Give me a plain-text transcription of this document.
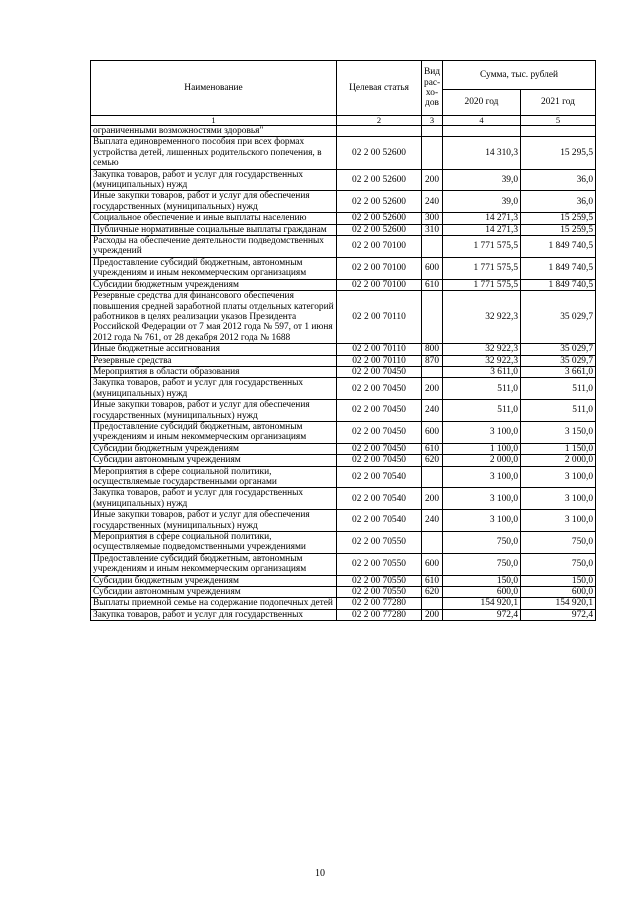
Наименование	Целевая статья	Вид рас-хо-дов	Сумма, тыс. рублей	
			2020 год	2021 год
1	2	3	4	5
ограниченными возможностями здоровья"				
Выплата единовременного пособия при всех формах устройства детей, лишенных родительского попечения, в семью	02 2 00 52600		14 310,3	15 295,5
Закупка товаров, работ и услуг для государственных (муниципальных) нужд	02 2 00 52600	200	39,0	36,0
Иные закупки товаров, работ и услуг для обеспечения государственных (муниципальных) нужд	02 2 00 52600	240	39,0	36,0
Социальное обеспечение и иные выплаты населению	02 2 00 52600	300	14 271,3	15 259,5
Публичные нормативные социальные выплаты гражданам	02 2 00 52600	310	14 271,3	15 259,5
Расходы на обеспечение деятельности подведомственных учреждений	02 2 00 70100		1 771 575,5	1 849 740,5
Предоставление субсидий бюджетным, автономным учреждениям и иным некоммерческим организациям	02 2 00 70100	600	1 771 575,5	1 849 740,5
Субсидии бюджетным учреждениям	02 2 00 70100	610	1 771 575,5	1 849 740,5
Резервные средства для финансового обеспечения повышения средней заработной платы отдельных категорий работников в целях реализации указов Президента Российской Федерации от 7 мая 2012 года № 597, от 1 июня 2012 года № 761, от 28 декабря 2012 года № 1688	02 2 00 70110		32 922,3	35 029,7
Иные бюджетные ассигнования	02 2 00 70110	800	32 922,3	35 029,7
Резервные средства	02 2 00 70110	870	32 922,3	35 029,7
Мероприятия в области образования	02 2 00 70450		3 611,0	3 661,0
Закупка товаров, работ и услуг для государственных (муниципальных) нужд	02 2 00 70450	200	511,0	511,0
Иные закупки товаров, работ и услуг для обеспечения государственных (муниципальных) нужд	02 2 00 70450	240	511,0	511,0
Предоставление субсидий бюджетным, автономным учреждениям и иным некоммерческим организациям	02 2 00 70450	600	3 100,0	3 150,0
Субсидии бюджетным учреждениям	02 2 00 70450	610	1 100,0	1 150,0
Субсидии автономным учреждениям	02 2 00 70450	620	2 000,0	2 000,0
Мероприятия в сфере социальной политики, осуществляемые государственными органами	02 2 00 70540		3 100,0	3 100,0
Закупка товаров, работ и услуг для государственных (муниципальных) нужд	02 2 00 70540	200	3 100,0	3 100,0
Иные закупки товаров, работ и услуг для обеспечения государственных (муниципальных) нужд	02 2 00 70540	240	3 100,0	3 100,0
Мероприятия в сфере социальной политики, осуществляемые подведомственными учреждениями	02 2 00 70550		750,0	750,0
Предоставление субсидий бюджетным, автономным учреждениям и иным некоммерческим организациям	02 2 00 70550	600	750,0	750,0
Субсидии бюджетным учреждениям	02 2 00 70550	610	150,0	150,0
Субсидии автономным учреждениям	02 2 00 70550	620	600,0	600,0
Выплаты приемной семье на содержание подопечных детей	02 2 00 77280		154 920,1	154 920,1
Закупка товаров, работ и услуг для государственных	02 2 00 77280	200	972,4	972,4
10
